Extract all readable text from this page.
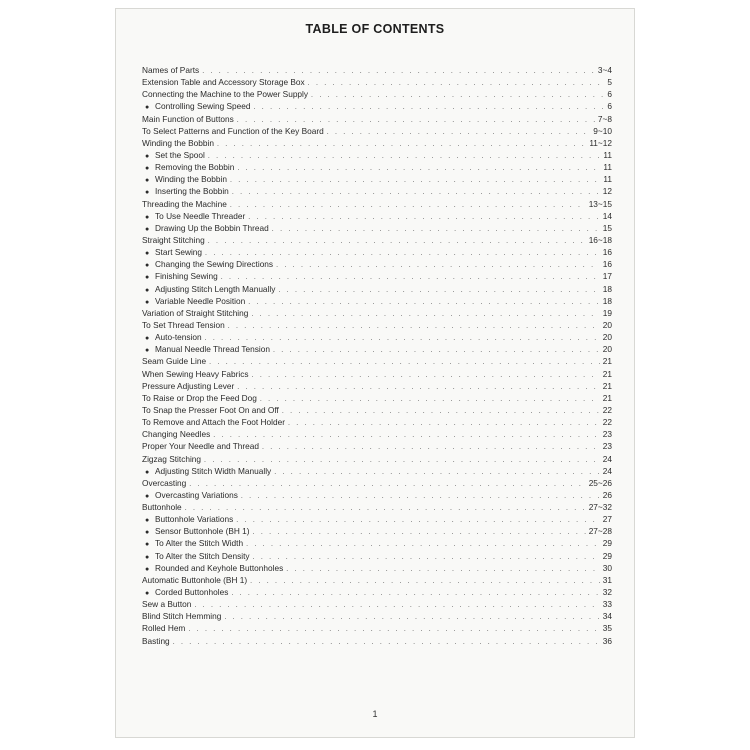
TABLE OF CONTENTS
Names of Parts . . .	3~4
Extension Table and Accessory Storage Box . . .	5
Connecting the Machine to the Power Supply . . .	6
● Controlling Sewing Speed . . .	6
Main Function of Buttons . . .	7~8
To Select Patterns and Function of the Key Board . . .	9~10
Winding the Bobbin . . .	11~12
● Set the Spool . . .	11
● Removing the Bobbin . . .	11
● Winding the Bobbin . . .	11
● Inserting the Bobbin . . .	12
Threading the Machine . . .	13~15
● To Use Needle Threader . . .	14
● Drawing Up the Bobbin Thread . . .	15
Straight Stitching . . .	16~18
● Start Sewing . . .	16
● Changing the Sewing Directions . . .	16
● Finishing Sewing . . .	17
● Adjusting Stitch Length Manually . . .	18
● Variable Needle Position . . .	18
Variation of Straight Stitching . . .	19
To Set Thread Tension . . .	20
● Auto-tension . . .	20
● Manual Needle Thread Tension . . .	20
Seam Guide Line . . .	21
When Sewing Heavy Fabrics . . .	21
Pressure Adjusting Lever . . .	21
To Raise or Drop the Feed Dog . . .	21
To Snap the Presser Foot On and Off . . .	22
To Remove and Attach the Foot Holder . . .	22
Changing Needles . . .	23
Proper Your Needle and Thread . . .	23
Zigzag Stitching . . .	24
● Adjusting Stitch Width Manually . . .	24
Overcasting . . .	25~26
● Overcasting Variations . . .	26
Buttonhole . . .	27~32
● Buttonhole Variations . . .	27
● Sensor Buttonhole (BH 1) . . .	27~28
● To Alter the Stitch Width . . .	29
● To Alter the Stitch Density . . .	29
● Rounded and Keyhole Buttonholes . . .	30
Automatic Buttonhole (BH 1) . . .	31
● Corded Buttonholes . . .	32
Sew a Button . . .	33
Blind Stitch Hemming . . .	34
Rolled Hem . . .	35
Basting . . .	36
1
